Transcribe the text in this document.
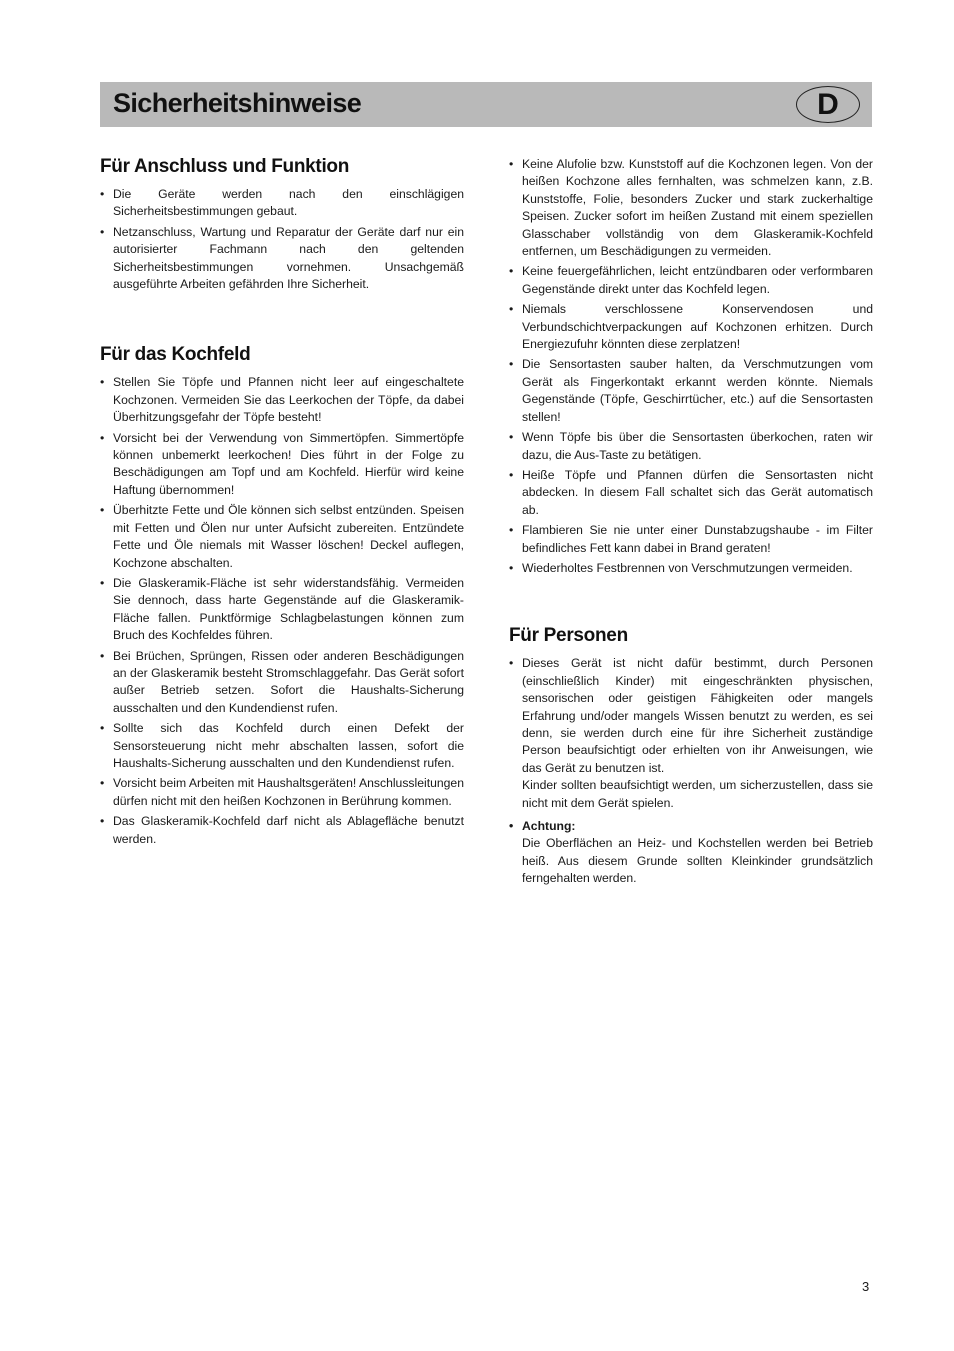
Sicherheitshinweise	D
Für Anschluss und Funktion
• Die Geräte werden nach den einschlägigen Sicherheitsbestimmungen gebaut.
• Netzanschluss, Wartung und Reparatur der Geräte darf nur ein autorisierter Fachmann nach den geltenden Sicherheitsbestimmungen vornehmen. Unsachgemäß ausgeführte Arbeiten gefährden Ihre Sicherheit.
Für das Kochfeld
• Stellen Sie Töpfe und Pfannen nicht leer auf eingeschaltete Kochzonen. Vermeiden Sie das Leerkochen der Töpfe, da dabei Überhitzungsgefahr der Töpfe besteht!
• Vorsicht bei der Verwendung von Simmertöpfen. Simmertöpfe können unbemerkt leerkochen! Dies führt in der Folge zu Beschädigungen am Topf und am Kochfeld. Hierfür wird keine Haftung übernommen!
• Überhitzte Fette und Öle können sich selbst entzünden. Speisen mit Fetten und Ölen nur unter Aufsicht zubereiten. Entzündete Fette und Öle niemals mit Wasser löschen! Deckel auflegen, Kochzone abschalten.
• Die Glaskeramik-Fläche ist sehr widerstandsfähig. Vermeiden Sie dennoch, dass harte Gegenstände auf die Glaskeramik-Fläche fallen. Punktförmige Schlagbelastungen können zum Bruch des Kochfeldes führen.
• Bei Brüchen, Sprüngen, Rissen oder anderen Beschädigungen an der Glaskeramik besteht Stromschlaggefahr. Das Gerät sofort außer Betrieb setzen. Sofort die Haushalts-Sicherung ausschalten und den Kundendienst rufen.
• Sollte sich das Kochfeld durch einen Defekt der Sensorsteuerung nicht mehr abschalten lassen, sofort die Haushalts-Sicherung ausschalten und den Kundendienst rufen.
• Vorsicht beim Arbeiten mit Haushaltsgeräten! Anschlussleitungen dürfen nicht mit den heißen Kochzonen in Berührung kommen.
• Das Glaskeramik-Kochfeld darf nicht als Ablagefläche benutzt werden.
• Keine Alufolie bzw. Kunststoff auf die Kochzonen legen. Von der heißen Kochzone alles fernhalten, was schmelzen kann, z.B. Kunststoffe, Folie, besonders Zucker und stark zuckerhaltige Speisen. Zucker sofort im heißen Zustand mit einem speziellen Glasschaber vollständig von dem Glaskeramik-Kochfeld entfernen, um Beschädigungen zu vermeiden.
• Keine feuergefährlichen, leicht entzündbaren oder verformbaren Gegenstände direkt unter das Kochfeld legen.
• Niemals verschlossene Konservendosen und Verbundschichtverpackungen auf Kochzonen erhitzen. Durch Energiezufuhr könnten diese zerplatzen!
• Die Sensortasten sauber halten, da Verschmutzungen vom Gerät als Fingerkontakt erkannt werden könnte. Niemals Gegenstände (Töpfe, Geschirrtücher, etc.) auf die Sensortasten stellen!
• Wenn Töpfe bis über die Sensortasten überkochen, raten wir dazu, die Aus-Taste zu betätigen.
• Heiße Töpfe und Pfannen dürfen die Sensortasten nicht abdecken. In diesem Fall schaltet sich das Gerät automatisch ab.
• Flambieren Sie nie unter einer Dunstabzugshaube - im Filter befindliches Fett kann dabei in Brand geraten!
• Wiederholtes Festbrennen von Verschmutzungen vermeiden.
Für Personen
• Dieses Gerät ist nicht dafür bestimmt, durch Personen (einschließlich Kinder) mit eingeschränkten physischen, sensorischen oder geistigen Fähigkeiten oder mangels Erfahrung und/oder mangels Wissen benutzt zu werden, es sei denn, sie werden durch eine für ihre Sicherheit zuständige Person beaufsichtigt oder erhielten von ihr Anweisungen, wie das Gerät zu benutzen ist.
Kinder sollten beaufsichtigt werden, um sicherzustellen, dass sie nicht mit dem Gerät spielen.
• Achtung:
Die Oberflächen an Heiz- und Kochstellen werden bei Betrieb heiß. Aus diesem Grunde sollten Kleinkinder grundsätzlich ferngehalten werden.
3
